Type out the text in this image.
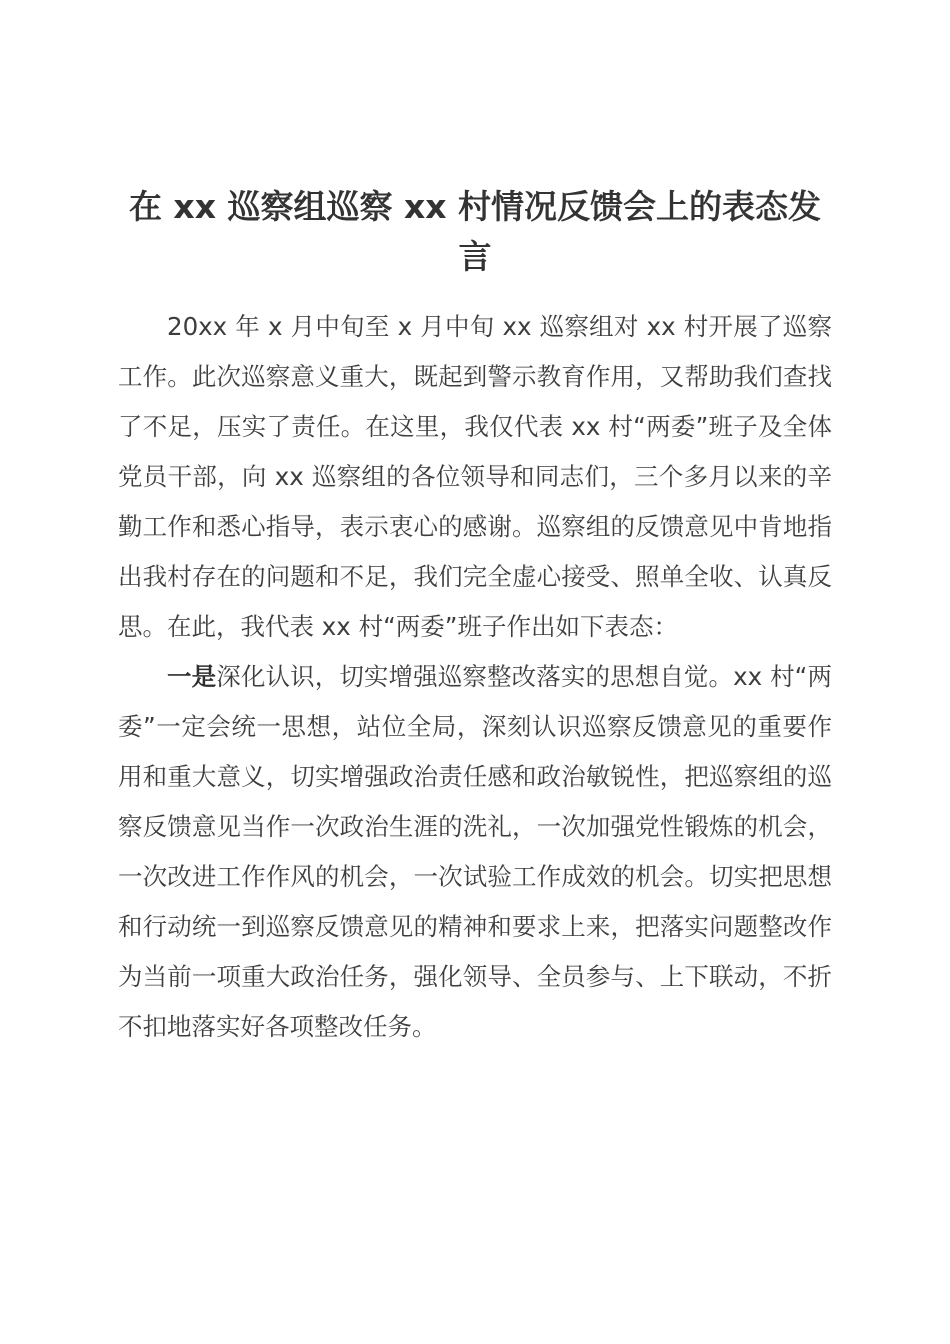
在 xx 巡察组巡察 xx 村情况反馈会上的表态发言

20xx 年 x 月中旬至 x 月中旬 xx 巡察组对 xx 村开展了巡察工作。此次巡察意义重大，既起到警示教育作用，又帮助我们查找了不足，压实了责任。在这里，我仅代表 xx 村“两委”班子及全体党员干部，向 xx 巡察组的各位领导和同志们，三个多月以来的辛勤工作和悉心指导，表示衷心的感谢。巡察组的反馈意见中肯地指出我村存在的问题和不足，我们完全虚心接受、照单全收、认真反思。在此，我代表 xx 村“两委”班子作出如下表态：

一是深化认识，切实增强巡察整改落实的思想自觉。xx 村“两委”一定会统一思想，站位全局，深刻认识巡察反馈意见的重要作用和重大意义，切实增强政治责任感和政治敏锐性，把巡察组的巡察反馈意见当作一次政治生涯的洗礼，一次加强党性锻炼的机会，一次改进工作作风的机会，一次试验工作成效的机会。切实把思想和行动统一到巡察反馈意见的精神和要求上来，把落实问题整改作为当前一项重大政治任务，强化领导、全员参与、上下联动，不折不扣地落实好各项整改任务。
